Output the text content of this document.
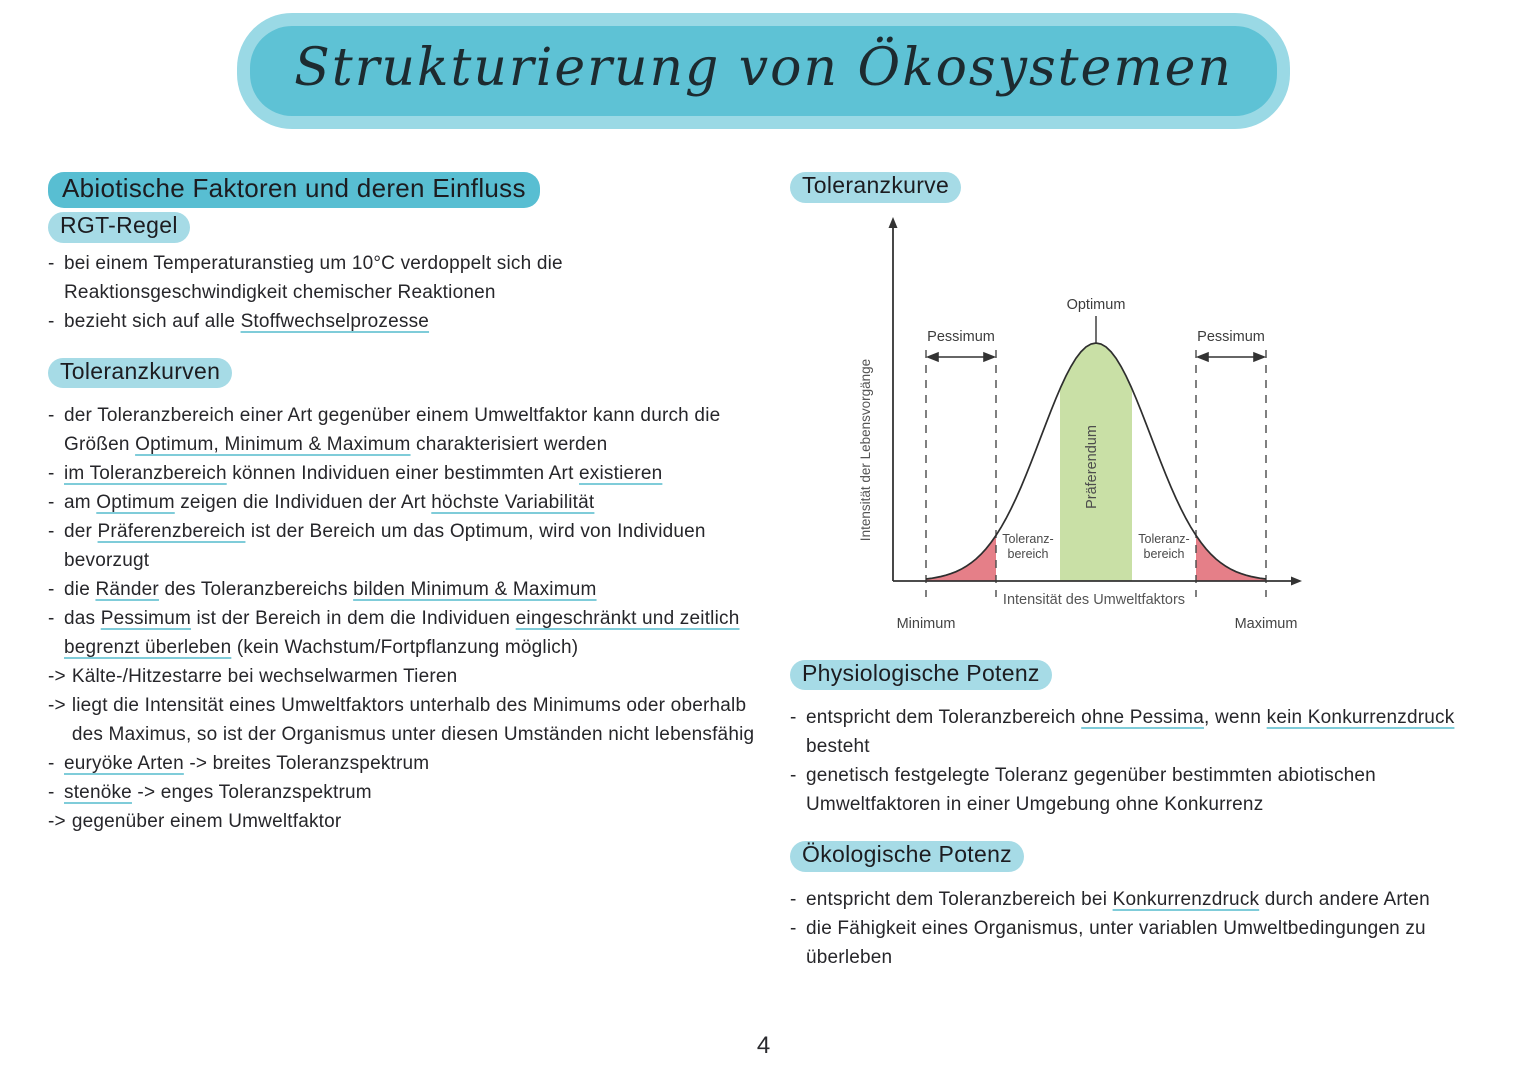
Strukturierung von Ökosystemen
Abiotische Faktoren und deren Einfluss
RGT-Regel
- bei einem Temperaturanstieg um 10°C verdoppelt sich die Reaktionsgeschwindigkeit chemischer Reaktionen
- bezieht sich auf alle Stoffwechselprozesse
Toleranzkurven
- der Toleranzbereich einer Art gegenüber einem Umweltfaktor kann durch die Größen Optimum, Minimum & Maximum charakterisiert werden
- im Toleranzbereich können Individuen einer bestimmten Art existieren
- am Optimum zeigen die Individuen der Art höchste Variabilität
- der Präferenzbereich ist der Bereich um das Optimum, wird von Individuen bevorzugt
- die Ränder des Toleranzbereichs bilden Minimum & Maximum
- das Pessimum ist der Bereich in dem die Individuen eingeschränkt und zeitlich begrenzt überleben (kein Wachstum/Fortpflanzung möglich)
-> Kälte-/Hitzestarre bei wechselwarmen Tieren
-> liegt die Intensität eines Umweltfaktors unterhalb des Minimums oder oberhalb des Maximus, so ist der Organismus unter diesen Umständen nicht lebensfähig
- euryöke Arten -> breites Toleranzspektrum
- stenöke -> enges Toleranzspektrum
-> gegenüber einem Umweltfaktor
Toleranzkurve
Pessimum	Pessimum
Optimum
Präferendum
Toleranz-
bereich
Toleranz-
bereich
Intensität des Umweltfaktors
Minimum	Maximum
Intensität der Lebensvorgänge
Physiologische Potenz
- entspricht dem Toleranzbereich ohne Pessima, wenn kein Konkurrenzdruck besteht
- genetisch festgelegte Toleranz gegenüber bestimmten abiotischen Umweltfaktoren in einer Umgebung ohne Konkurrenz
Ökologische Potenz
- entspricht dem Toleranzbereich bei Konkurrenzdruck durch andere Arten
- die Fähigkeit eines Organismus, unter variablen Umweltbedingungen zu überleben
4
